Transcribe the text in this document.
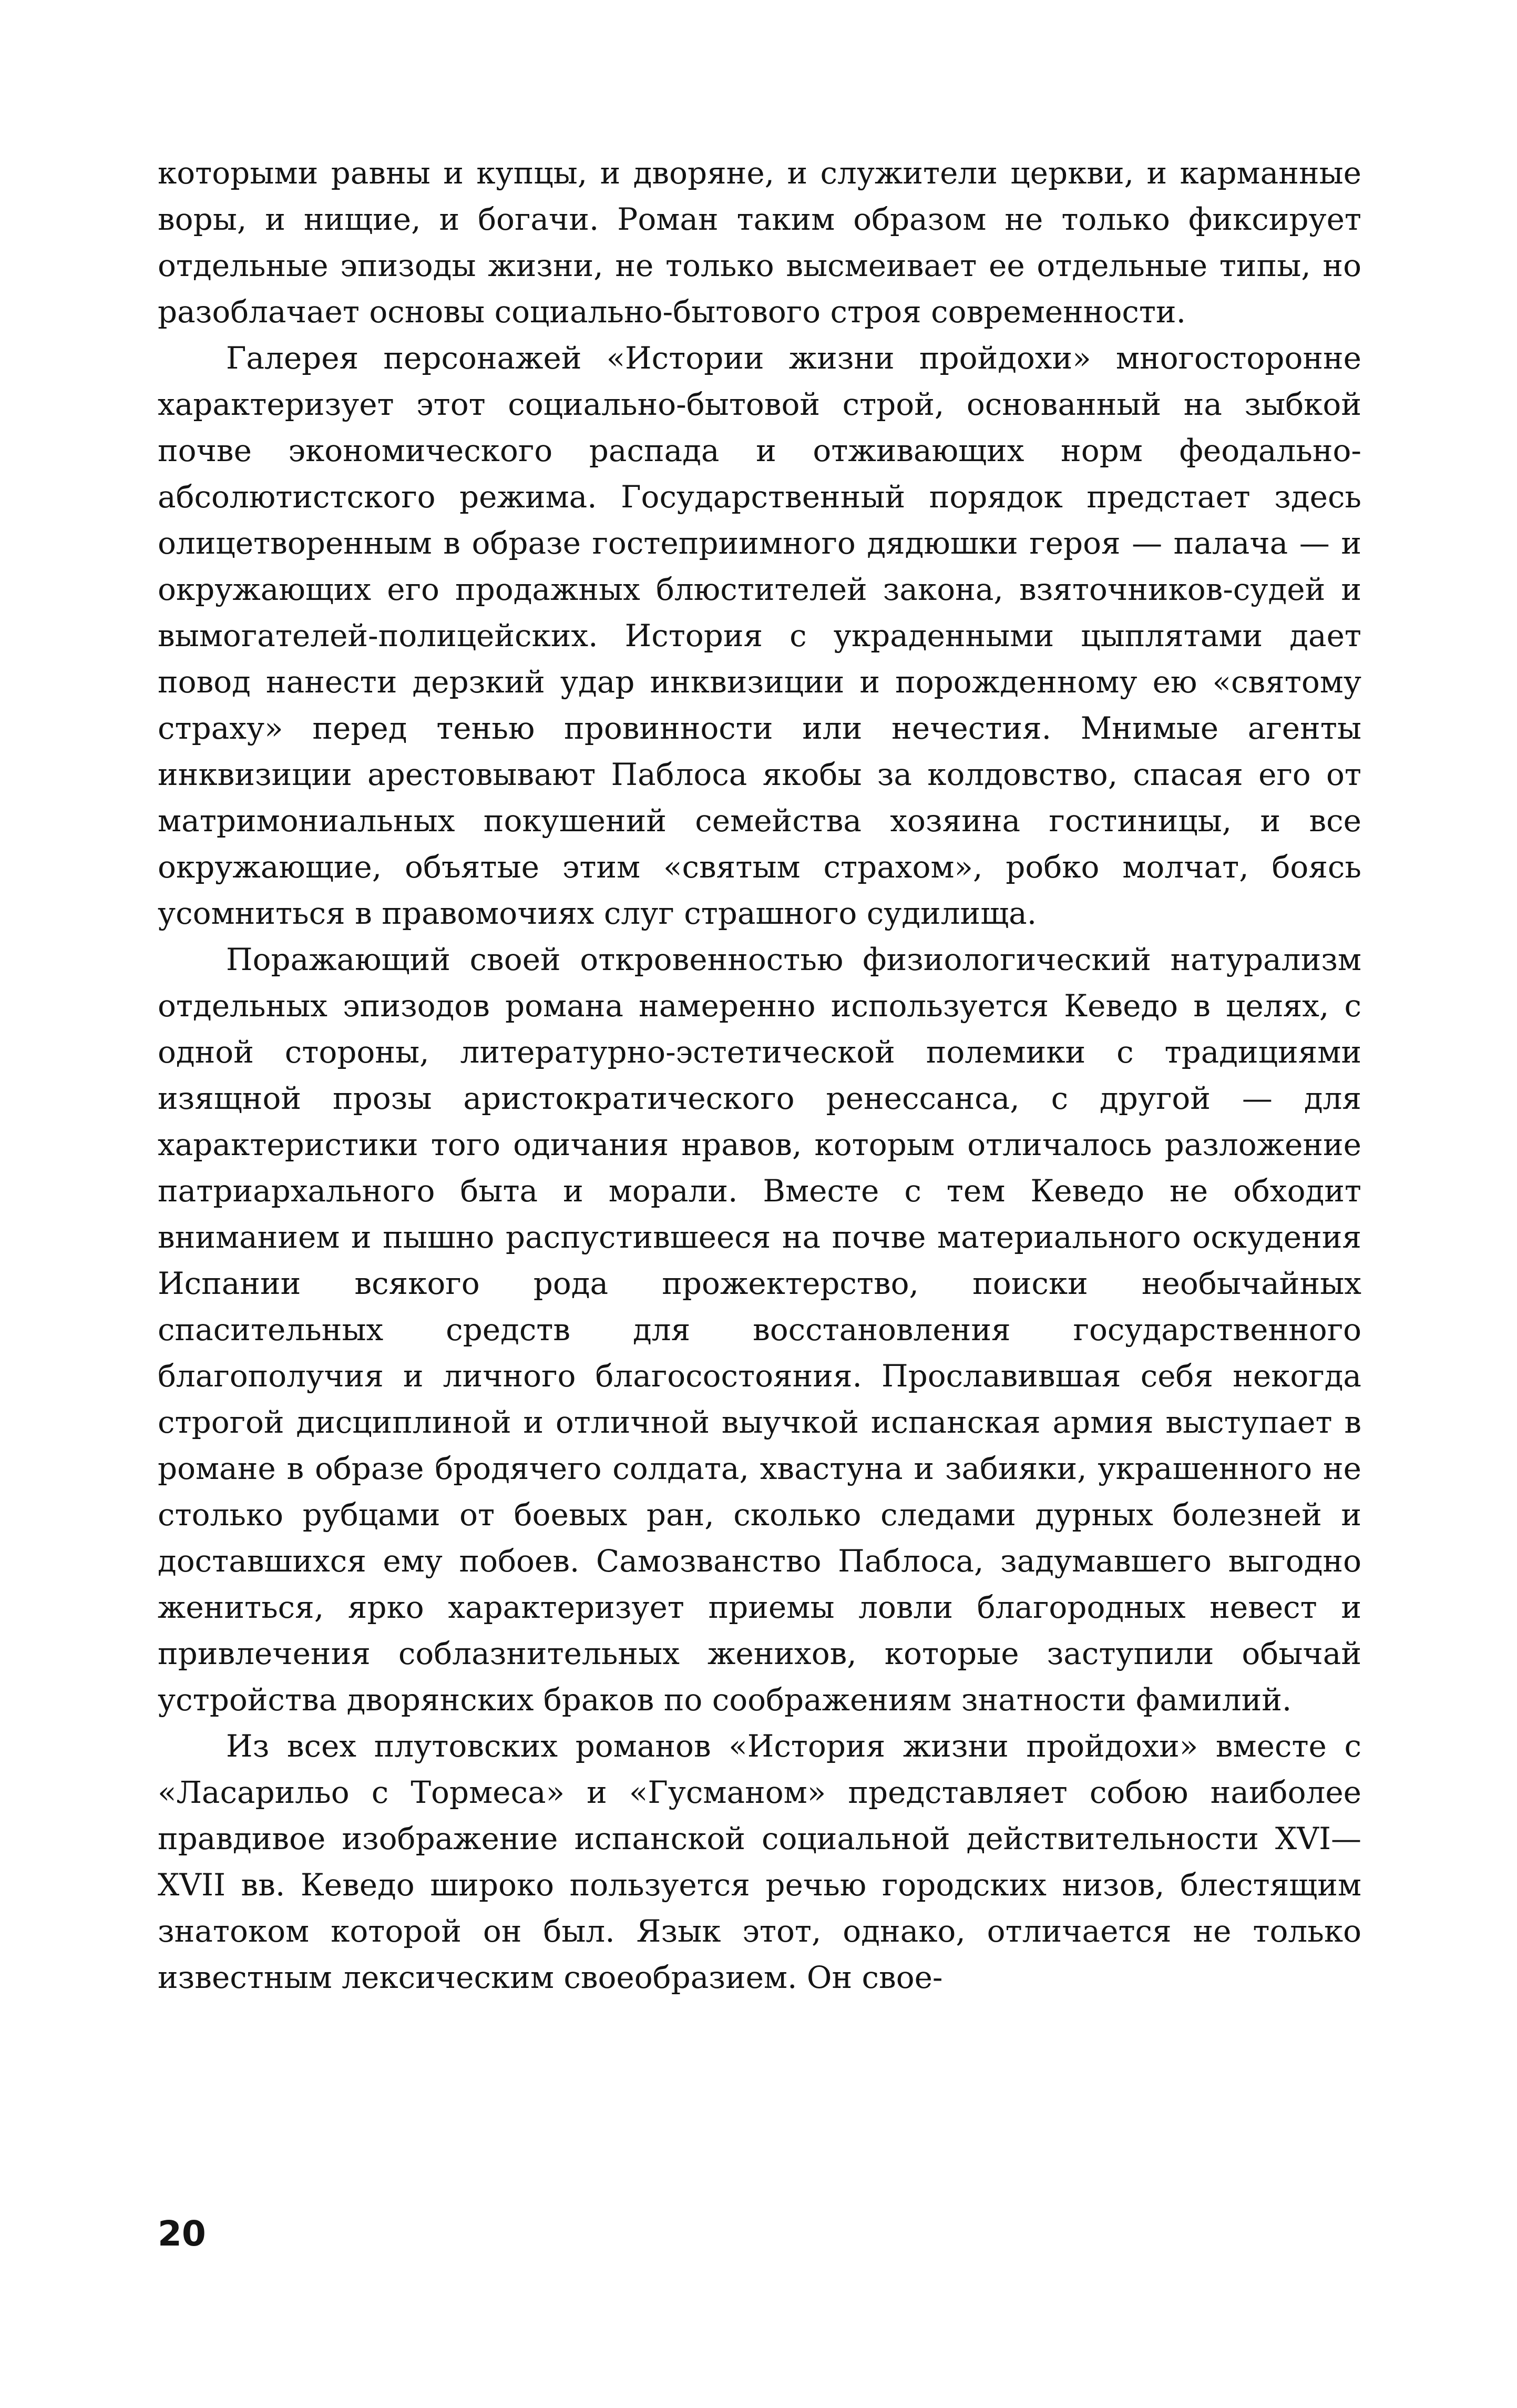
которыми равны и купцы, и дворяне, и служители церкви, и карманные воры, и нищие, и богачи. Роман таким образом не только фиксирует отдельные эпизоды жизни, не только высмеивает ее отдельные типы, но разоблачает основы социально-бытового строя современности.

Галерея персонажей «Истории жизни пройдохи» многосторонне характеризует этот социально-бытовой строй, основанный на зыбкой почве экономического распада и отживающих норм феодально-абсолютистского режима. Государственный порядок предстает здесь олицетворенным в образе гостеприимного дядюшки героя — палача — и окружающих его продажных блюстителей закона, взяточников-судей и вымогателей-полицейских. История с украденными цыплятами дает повод нанести дерзкий удар инквизиции и порожденному ею «святому страху» перед тенью провинности или нечестия. Мнимые агенты инквизиции арестовывают Паблоса якобы за колдовство, спасая его от матримониальных покушений семейства хозяина гостиницы, и все окружающие, объятые этим «святым страхом», робко молчат, боясь усомниться в правомочиях слуг страшного судилища.

Поражающий своей откровенностью физиологический натурализм отдельных эпизодов романа намеренно используется Кеведо в целях, с одной стороны, литературно-эстетической полемики с традициями изящной прозы аристократического ренессанса, с другой — для характеристики того одичания нравов, которым отличалось разложение патриархального быта и морали. Вместе с тем Кеведо не обходит вниманием и пышно распустившееся на почве материального оскудения Испании всякого рода прожектерство, поиски необычайных спасительных средств для восстановления государственного благополучия и личного благосостояния. Прославившая себя некогда строгой дисциплиной и отличной выучкой испанская армия выступает в романе в образе бродячего солдата, хвастуна и забияки, украшенного не столько рубцами от боевых ран, сколько следами дурных болезней и доставшихся ему побоев. Самозванство Паблоса, задумавшего выгодно жениться, ярко характеризует приемы ловли благородных невест и привлечения соблазнительных женихов, которые заступили обычай устройства дворянских браков по соображениям знатности фамилий.

Из всех плутовских романов «История жизни пройдохи» вместе с «Ласарильо с Тормеса» и «Гусманом» представляет собою наиболее правдивое изображение испанской социальной действительности XVI—XVII вв. Кеведо широко пользуется речью городских низов, блестящим знатоком которой он был. Язык этот, однако, отличается не только известным лексическим своеобразием. Он свое-

20
